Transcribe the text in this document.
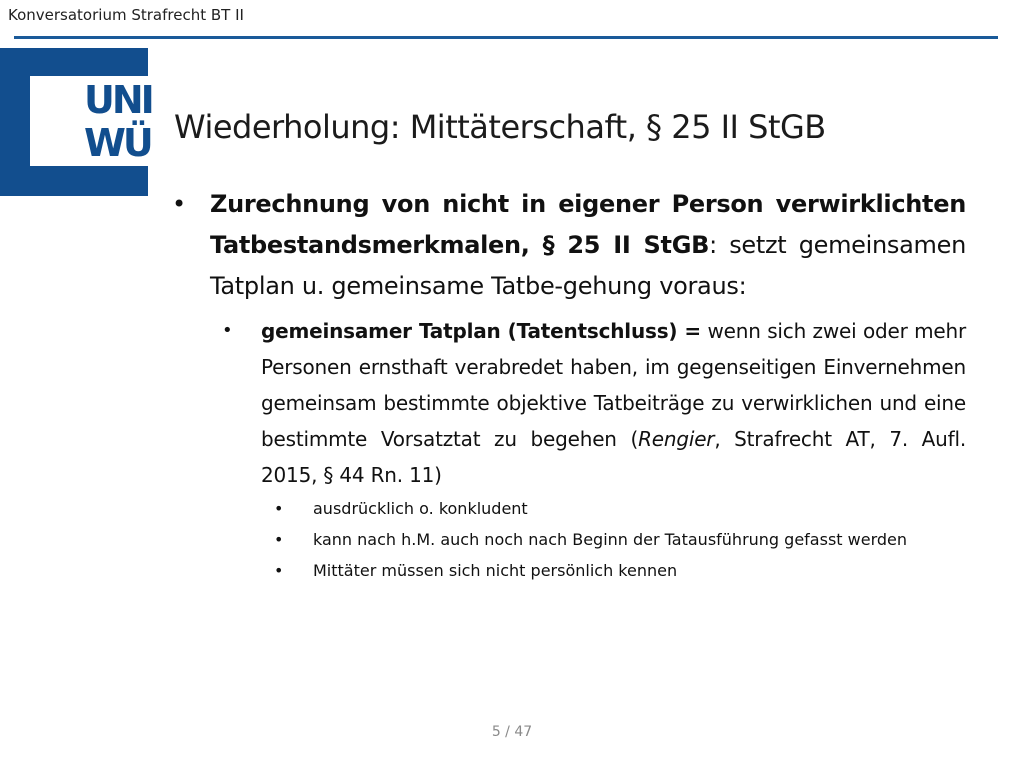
Konversatorium Strafrecht BT II
UNI
WÜ Wiederholung: Mittäterschaft, § 25 II StGB
• Zurechnung von nicht in eigener Person verwirklichten Tatbestandsmerkmalen, § 25 II StGB: setzt gemeinsamen Tatplan u. gemeinsame Tatbe-gehung voraus:
• gemeinsamer Tatplan (Tatentschluss) = wenn sich zwei oder mehr Personen ernsthaft verabredet haben, im gegenseitigen Einvernehmen gemeinsam bestimmte objektive Tatbeiträge zu verwirklichen und eine bestimmte Vorsatztat zu begehen (Rengier, Strafrecht AT, 7. Aufl. 2015, § 44 Rn. 11)
• ausdrücklich o. konkludent
• kann nach h.M. auch noch nach Beginn der Tatausführung gefasst werden
• Mittäter müssen sich nicht persönlich kennen
5 / 47
